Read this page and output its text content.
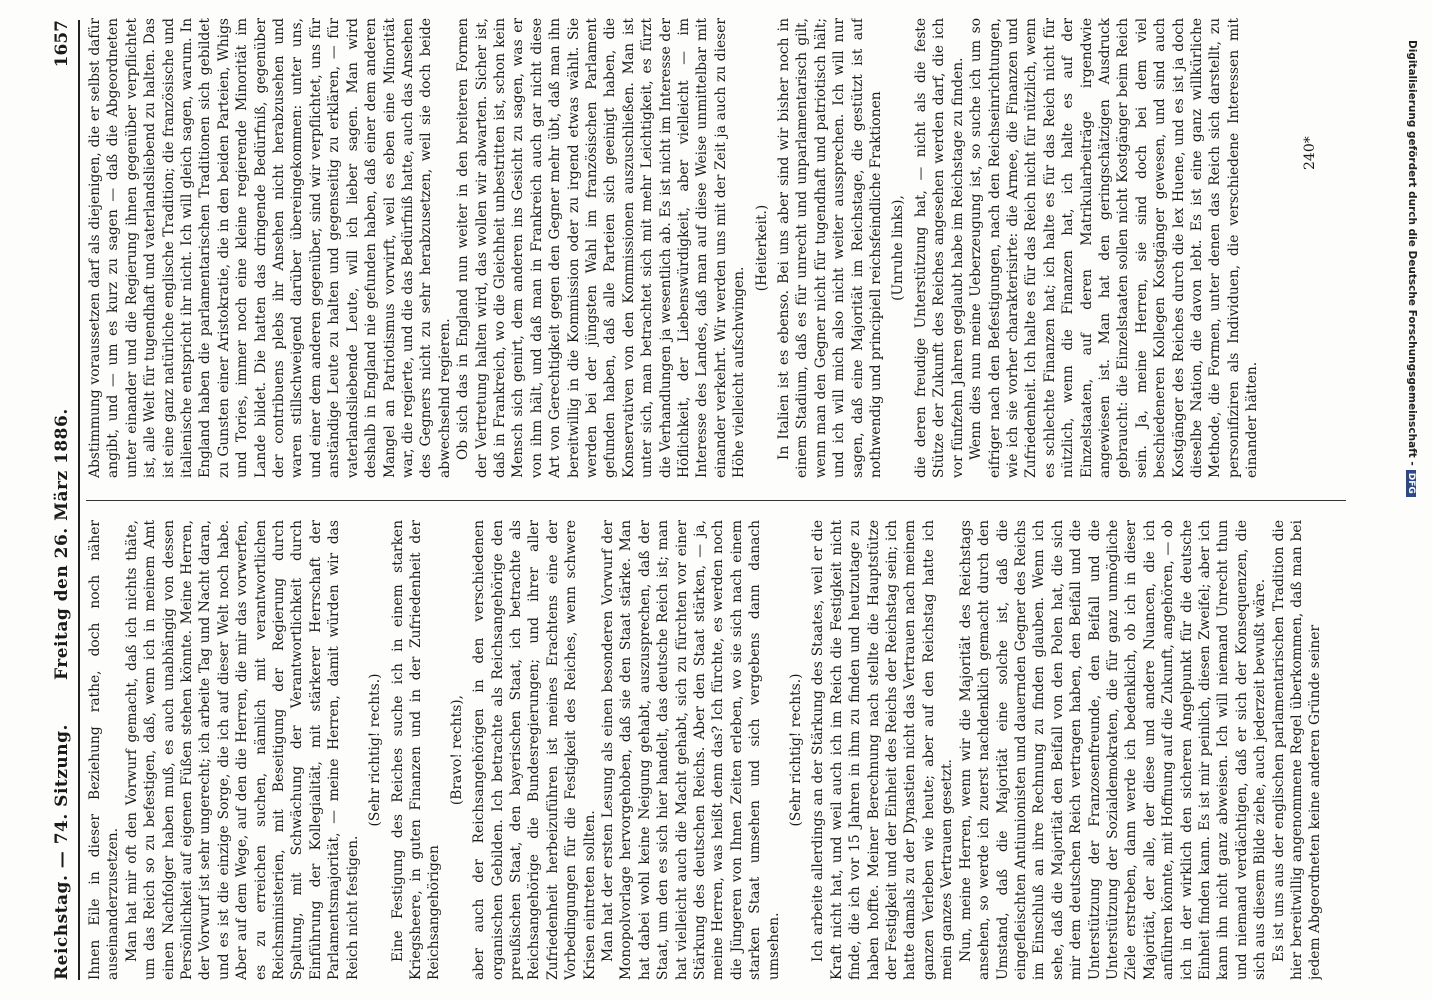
Reichstag. — 74. Sitzung.
Freitag den 26. März 1886.
1657

Ihnen Eile in dieser Beziehung rathe, doch noch näher auseinanderzusetzen. Man hat mir oft den Vorwurf gemacht, daß ich nichts thäte, um das Reich so zu befestigen, daß, wenn ich in meinem Amt einen Nachfolger haben muß, es auch unabhängig von dessen Persönlichkeit auf eigenen Füßen stehen könnte. Meine Herren, der Vorwurf ist sehr ungerecht; ich arbeite Tag und Nacht daran, und es ist die einzige Sorge, die ich auf dieser Welt noch habe. Aber auf dem Wege, auf den die Herren, die mir das vorwerfen, es zu erreichen suchen, nämlich mit verantwortlichen Reichsministerien, mit Beseitigung der Regierung durch Spaltung, mit Schwächung der Verantwortlichkeit durch Einführung der Kollegialität, mit stärkerer Herrschaft der Parlamentsmajorität, — meine Herren, damit würden wir das Reich nicht festigen.

(Sehr richtig! rechts.) Eine Festigung des Reiches suche ich in einem starken Kriegsheere, in guten Finanzen und in der Zufriedenheit der Reichsangehörigen

(Bravo! rechts), aber auch der Reichsangehörigen in den verschiedenen organischen Gebilden. Ich betrachte als Reichsangehörige den preußischen Staat, den bayerischen Staat, ich betrachte als Reichsangehörige die Bundesregierungen; und ihrer aller Zufriedenheit herbeizuführen ist meines Erachtens eine der Vorbedingungen für die Festigkeit des Reiches, wenn schwere Krisen eintreten sollten. Man hat der ersten Lesung als einen besonderen Vorwurf der Monopolvorlage hervorgehoben, daß sie den Staat stärke. Man hat dabei wohl keine Neigung gehabt, auszusprechen, daß der Staat, um den es sich hier handelt, das deutsche Reich ist; man hat vielleicht auch die Macht gehabt, sich zu fürchten vor einer Stärkung des deutschen Reichs. Aber den Staat stärken, — ja, meine Herren, was heißt denn das? Ich fürchte, es werden noch die Jüngeren von Ihnen Zeiten erleben, wo sie sich nach einem starken Staat umsehen und sich vergebens dann danach umsehen.

(Sehr richtig! rechts.) Ich arbeite allerdings an der Stärkung des Staates, weil er die Kraft nicht hat, und weil auch ich im Reich die Festigkeit nicht finde, die ich vor 15 Jahren in ihm zu finden und heutzutage zu haben hoffte. Meiner Berechnung nach stellte die Hauptstütze der Festigkeit und der Einheit des Reichs der Reichstag sein; ich hatte damals zu der Dynastien nicht das Vertrauen nach meinem ganzen Verleben wie heute; aber auf den Reichstag hatte ich mein ganzes Vertrauen gesetzt. Nun, meine Herren, wenn wir die Majorität des Reichstags ansehen, so werde ich zuerst nachdenklich gemacht durch den Umstand, daß die Majorität eine solche ist, daß die eingefleischten Antiunionisten und dauernden Gegner des Reichs im Einschluß an ihre Rechnung zu finden glauben. Wenn ich sehe, daß die Majorität den Beifall von den Polen hat, die sich mir dem deutschen Reich vertragen haben, den Beifall und die Unterstützung der Franzosenfreunde, den Beifall und die Unterstützung der Sozialdemokraten, die für ganz unmögliche Ziele erstreben, dann werde ich bedenklich, ob ich in dieser Majorität, der alle, der diese und andere Nuancen, die ich anführen könnte, mit Hoffnung auf die Zukunft, angehören, — ob ich in der wirklich den sicheren Angelpunkt für die deutsche Einheit finden kann. Es ist mir peinlich, diesen Zweifel; aber ich kann ihn nicht ganz abweisen. Ich will niemand Unrecht thun und niemand verdächtigen, daß er sich der Konsequenzen, die sich aus diesem Bilde ziehe, auch jederzeit bewußt wäre. Es ist uns aus der englischen parlamentarischen Tradition die hier bereitwillig angenommene Regel überkommen, daß man bei jedem Abgeordneten keine anderen Gründe seiner

Abstimmung voraussetzen darf als diejenigen, die er selbst dafür angibt, und — um es kurz zu sagen — daß die Abgeordneten unter einander und die Regierung ihnen gegenüber verpflichtet ist, alle Welt für tugendhaft und vaterlandsliebend zu halten. Das ist eine ganz natürliche englische Tradition; die französische und italienische entspricht ihr nicht. Ich will gleich sagen, warum. In England haben die parlamentarischen Traditionen sich gebildet zu Gunsten einer Aristokratie, die in den beiden Parteien, Whigs und Tories, immer noch eine kleine regierende Minorität im Lande bildet. Die hatten das dringende Bedürfniß, gegenüber der contribuens plebs ihr Ansehen nicht herabzusehen und waren stillschweigend darüber übereingekommen: unter uns, und einer dem anderen gegenüber, sind wir verpflichtet, uns für anständige Leute zu halten und gegenseitig zu erklären, — für vaterlandsliebende Leute, will ich lieber sagen. Man wird deshalb in England nie gefunden haben, daß einer dem anderen Mangel an Patriotismus vorwirft, weil es eben eine Minorität war, die regierte, und die das Bedürfniß hatte, auch das Ansehen des Gegners nicht zu sehr herabzusetzen, weil sie doch beide abwechselnd regieren. Ob sich das in England nun weiter in den breiteren Formen der Vertretung halten wird, das wollen wir abwarten. Sicher ist, daß in Frankreich, wo die Gleichheit unbestritten ist, schon kein Mensch sich genirt, dem anderen ins Gesicht zu sagen, was er von ihm hält, und daß man in Frankreich auch gar nicht diese Art von Gerechtigkeit gegen den Gegner mehr übt, daß man ihn bereitwillig in die Kommission oder zu irgend etwas wählt. Sie werden bei der jüngsten Wahl im französischen Parlament gefunden haben, daß alle Parteien sich geeinigt haben, die Konservativen von den Kommissionen auszuschließen. Man ist unter sich, man betrachtet sich mit mehr Leichtigkeit, es fürzt die Verhandlungen ja wesentlich ab. Es ist nicht im Interesse der Höflichkeit, der Liebenswürdigkeit, aber vielleicht — im Interesse des Landes, daß man auf diese Weise unmittelbar mit einander verkehrt. Wir werden uns mit der Zeit ja auch zu dieser Höhe vielleicht aufschwingen.

(Heiterkeit.) In Italien ist es ebenso. Bei uns aber sind wir bisher noch in einem Stadium, daß es für unrecht und unparlamentarisch gilt, wenn man den Gegner nicht für tugendhaft und patriotisch hält; und ich will mich also nicht weiter aussprechen. Ich will nur sagen, daß eine Majorität im Reichstage, die gestützt ist auf nothwendig und principiell reichsfeindliche Fraktionen (Unruhe links), die deren freudige Unterstützung hat, — nicht als die feste Stütze der Zukunft des Reiches angesehen werden darf, die ich vor fünfzehn Jahren geglaubt habe im Reichstage zu finden. Wenn dies nun meine Ueberzeugung ist, so suche ich um so eifriger nach den Befestigungen, nach den Reichseinrichtungen, wie ich sie vorher charakterisirte: die Armee, die Finanzen und Zufriedenheit. Ich halte es für das Reich nicht für nützlich, wenn es schlechte Finanzen hat; ich halte es für das Reich nicht für nützlich, wenn die Finanzen hat, ich halte es auf der Einzelstaaten, auf deren Matrikularbeiträge irgendwie angewiesen ist. Man hat den geringschätzigen Ausdruck gebraucht: die Einzelstaaten sollen nicht Kostgänger beim Reich sein. Ja, meine Herren, sie sind doch bei dem viel beschiedeneren Kollegen Kostgänger gewesen, und sind auch Kostgänger des Reiches durch die lex Huene, und es ist ja doch dieselbe Nation, die davon lebt. Es ist eine ganz willkürliche Methode, die Formen, unter denen das Reich sich darstellt, zu personifiziren als Individuen, die verschiedene Interessen mit einander hätten.

240*	Digitalisierung gefördert durch die Deutsche Forschungsgemeinschaft -DFG
